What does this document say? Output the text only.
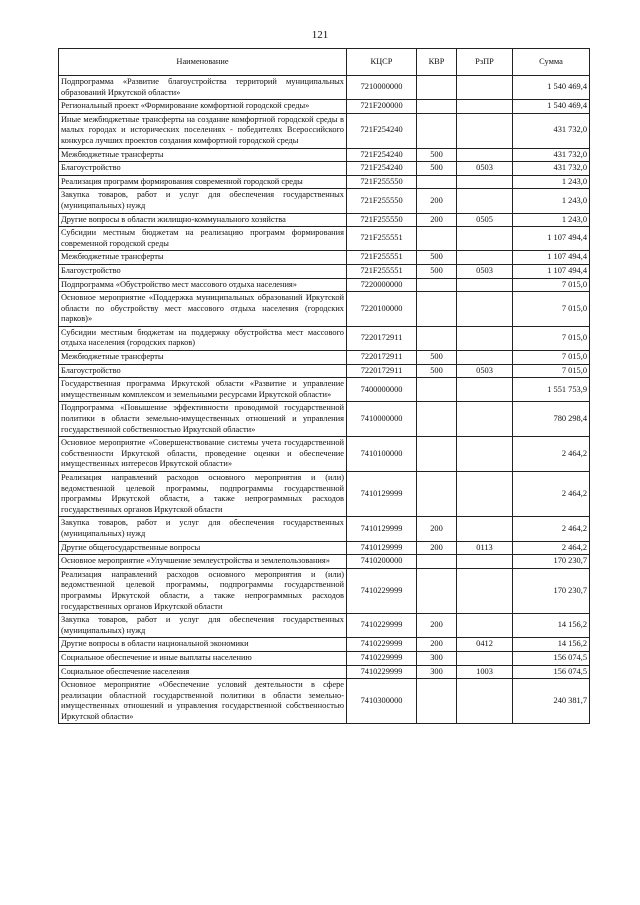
121
Наименование	КЦСР	КВР	РзПР	Сумма
Подпрограмма «Развитие благоустройства территорий муниципальных образований Иркутской области»	7210000000			1 540 469,4
Региональный проект «Формирование комфортной городской среды»	721F200000			1 540 469,4
Иные межбюджетные трансферты на создание комфортной городской среды в малых городах и исторических поселениях - победителях Всероссийского конкурса лучших проектов создания комфортной городской среды	721F254240			431 732,0
Межбюджетные трансферты	721F254240	500		431 732,0
Благоустройство	721F254240	500	0503	431 732,0
Реализация программ формирования современной городской среды	721F255550			1 243,0
Закупка товаров, работ и услуг для обеспечения государственных (муниципальных) нужд	721F255550	200		1 243,0
Другие вопросы в области жилищно-коммунального хозяйства	721F255550	200	0505	1 243,0
Субсидии местным бюджетам на реализацию программ формирования современной городской среды	721F255551			1 107 494,4
Межбюджетные трансферты	721F255551	500		1 107 494,4
Благоустройство	721F255551	500	0503	1 107 494,4
Подпрограмма «Обустройство мест массового отдыха населения»	7220000000			7 015,0
Основное мероприятие «Поддержка муниципальных образований Иркутской области по обустройству мест массового отдыха населения (городских парков)»	7220100000			7 015,0
Субсидии местным бюджетам на поддержку обустройства мест массового отдыха населения (городских парков)	7220172911			7 015,0
Межбюджетные трансферты	7220172911	500		7 015,0
Благоустройство	7220172911	500	0503	7 015,0
Государственная программа Иркутской области «Развитие и управление имущественным комплексом и земельными ресурсами Иркутской области»	7400000000			1 551 753,9
Подпрограмма «Повышение эффективности проводимой государственной политики в области земельно-имущественных отношений и управления государственной собственностью Иркутской области»	7410000000			780 298,4
Основное мероприятие «Совершенствование системы учета государственной собственности Иркутской области, проведение оценки и обеспечение имущественных интересов Иркутской области»	7410100000			2 464,2
Реализация направлений расходов основного мероприятия и (или) ведомственной целевой программы, подпрограммы государственной программы Иркутской области, а также непрограммных расходов государственных органов Иркутской области	7410129999			2 464,2
Закупка товаров, работ и услуг для обеспечения государственных (муниципальных) нужд	7410129999	200		2 464,2
Другие общегосударственные вопросы	7410129999	200	0113	2 464,2
Основное мероприятие «Улучшение землеустройства и землепользования»	7410200000			170 230,7
Реализация направлений расходов основного мероприятия и (или) ведомственной целевой программы, подпрограммы государственной программы Иркутской области, а также непрограммных расходов государственных органов Иркутской области	7410229999			170 230,7
Закупка товаров, работ и услуг для обеспечения государственных (муниципальных) нужд	7410229999	200		14 156,2
Другие вопросы в области национальной экономики	7410229999	200	0412	14 156,2
Социальное обеспечение и иные выплаты населению	7410229999	300		156 074,5
Социальное обеспечение населения	7410229999	300	1003	156 074,5
Основное мероприятие «Обеспечение условий деятельности в сфере реализации областной государственной политики в области земельно-имущественных отношений и управления государственной собственностью Иркутской области»	7410300000			240 381,7
